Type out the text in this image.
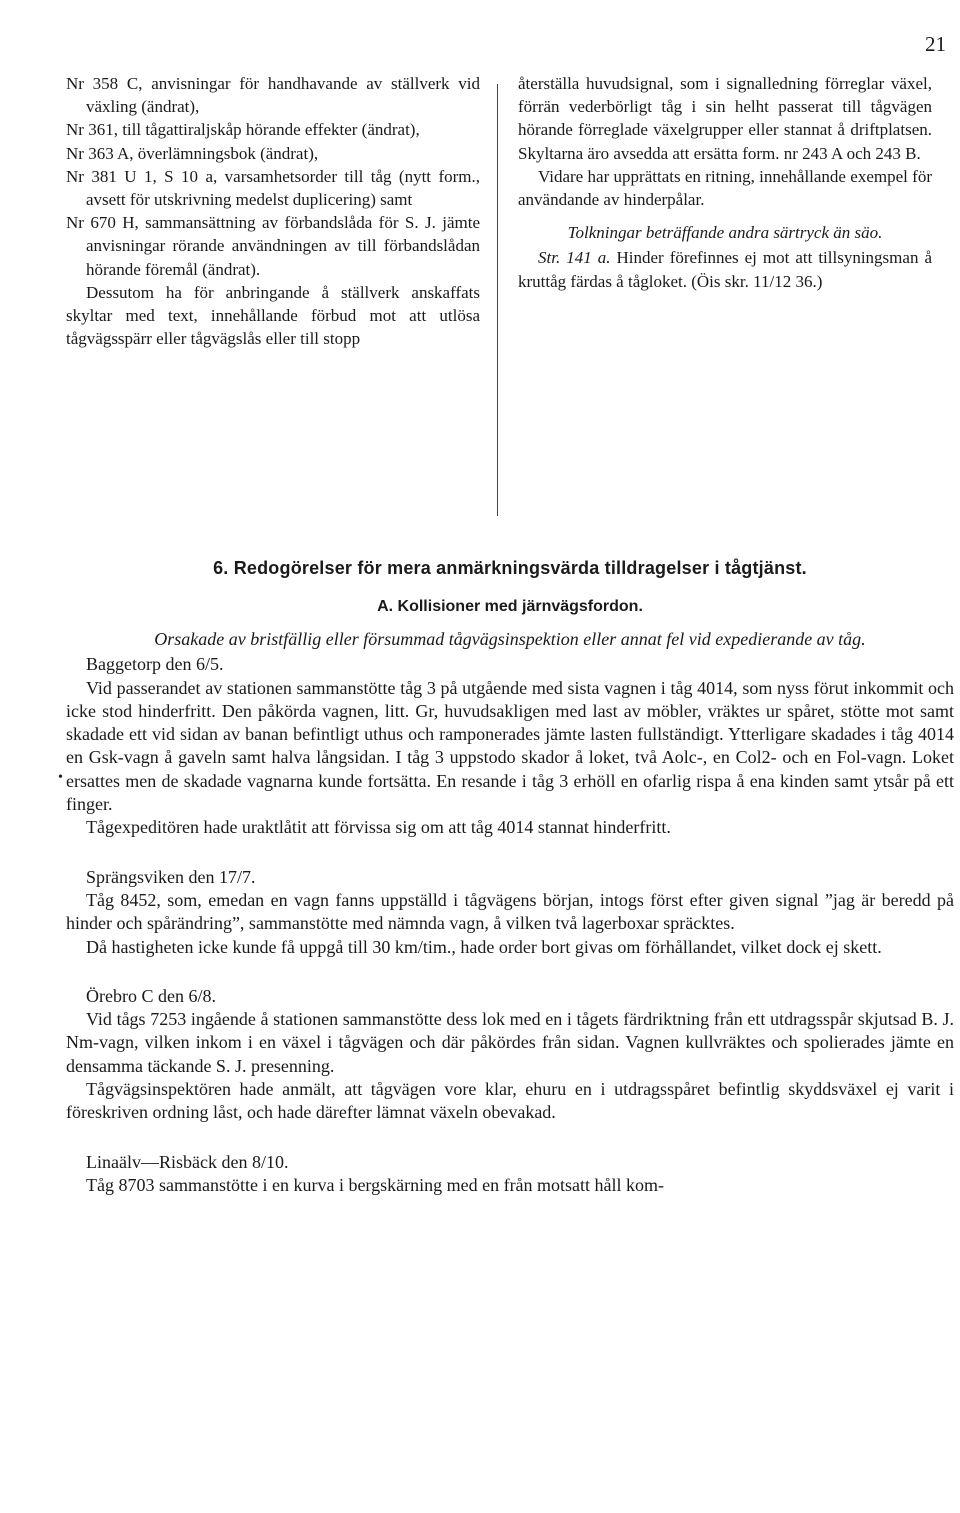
21

Nr 358 C, anvisningar för handhavande av ställverk vid växling (ändrat),

Nr 361, till tågattiraljskåp hörande effekter (ändrat),

Nr 363 A, överlämningsbok (ändrat),

Nr 381 U 1, S 10 a, varsamhetsorder till tåg (nytt form., avsett för utskrivning medelst duplicering) samt

Nr 670 H, sammansättning av förbandslåda för S. J. jämte anvisningar rörande användningen av till förbandslådan hörande föremål (ändrat).

Dessutom ha för anbringande å ställverk anskaffats skyltar med text, innehållande förbud mot att utlösa tågvägsspärr eller tågvägslås eller till stopp

återställa huvudsignal, som i signalledning förreglar växel, förrän vederbörligt tåg i sin helht passerat till tågvägen hörande förreglade växelgrupper eller stannat å driftplatsen. Skyltarna äro avsedda att ersätta form. nr 243 A och 243 B.

Vidare har upprättats en ritning, innehållande exempel för användande av hinderpålar.

Tolkningar beträffande andra särtryck än säo.

Str. 141 a. Hinder förefinnes ej mot att tillsyningsman å kruttåg färdas å tågloket. (Öis skr. 11/12 36.)

6. Redogörelser för mera anmärkningsvärda tilldragelser i tågtjänst.
A. Kollisioner med järnvägsfordon.
•

Orsakade av bristfällig eller försummad tågvägsinspektion eller annat fel vid expedierande av tåg.

Baggetorp den 6/5.

Vid passerandet av stationen sammanstötte tåg 3 på utgående med sista vagnen i tåg 4014, som nyss förut inkommit och icke stod hinderfritt. Den påkörda vagnen, litt. Gr, huvudsakligen med last av möbler, vräktes ur spåret, stötte mot samt skadade ett vid sidan av banan befintligt uthus och ramponerades jämte lasten fullständigt. Ytterligare skadades i tåg 4014 en Gsk-vagn å gaveln samt halva långsidan. I tåg 3 uppstodo skador å loket, två Aolc-, en Col2- och en Fol-vagn. Loket ersattes men de skadade vagnarna kunde fortsätta. En resande i tåg 3 erhöll en ofarlig rispa å ena kinden samt ytsår på ett finger.

Tågexpeditören hade uraktlåtit att förvissa sig om att tåg 4014 stannat hinderfritt.

Sprängsviken den 17/7.

Tåg 8452, som, emedan en vagn fanns uppställd i tågvägens början, intogs först efter given signal ”jag är beredd på hinder och spårändring”, sammanstötte med nämnda vagn, å vilken två lagerboxar spräcktes.

Då hastigheten icke kunde få uppgå till 30 km/tim., hade order bort givas om förhållandet, vilket dock ej skett.

Örebro C den 6/8.

Vid tågs 7253 ingående å stationen sammanstötte dess lok med en i tågets färdriktning från ett utdragsspår skjutsad B. J. Nm-vagn, vilken inkom i en växel i tågvägen och där påkördes från sidan. Vagnen kullvräktes och spolierades jämte en densamma täckande S. J. presenning.

Tågvägsinspektören hade anmält, att tågvägen vore klar, ehuru en i utdragsspåret befintlig skyddsväxel ej varit i föreskriven ordning låst, och hade därefter lämnat växeln obevakad.

Linaälv—Risbäck den 8/10.

Tåg 8703 sammanstötte i en kurva i bergskärning med en från motsatt håll kom-
